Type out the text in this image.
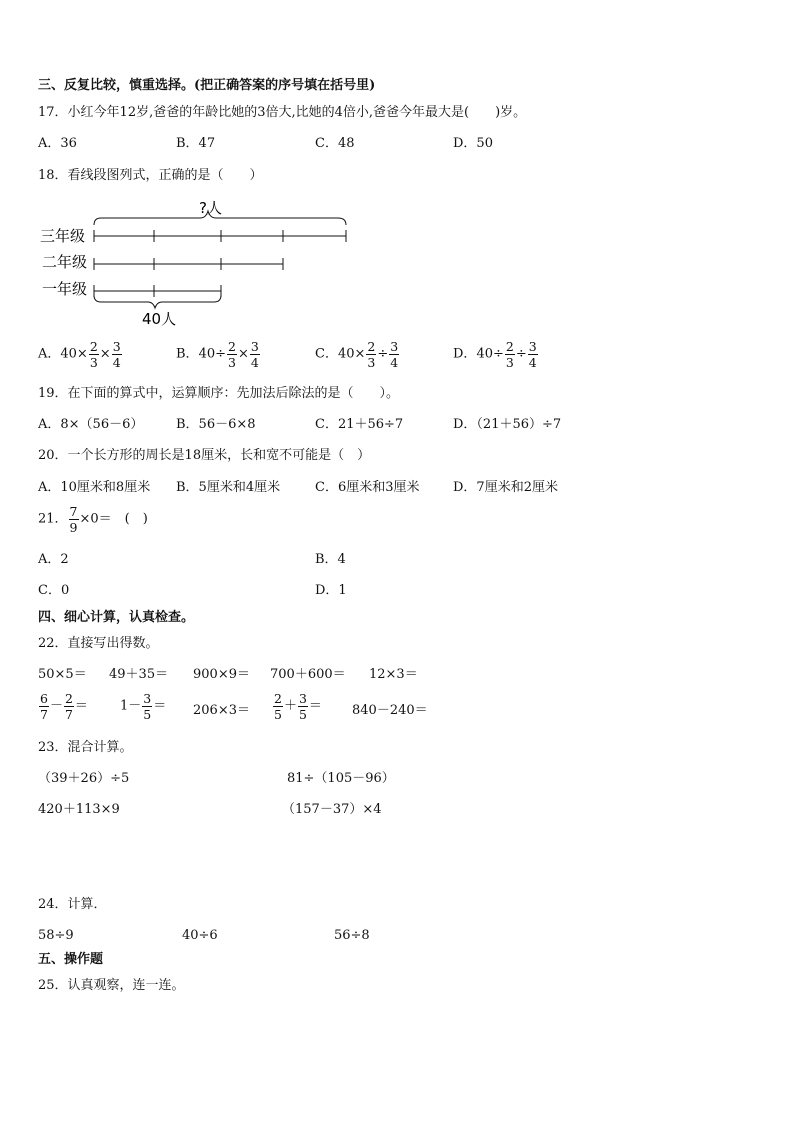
三、反复比较，慎重选择。(把正确答案的序号填在括号里)
17．小红今年12岁,爸爸的年龄比她的3倍大,比她的4倍小,爸爸今年最大是(　　)岁。
A．36	B．47	C．48	D．50
18．看线段图列式，正确的是（　　）
?人
三年级
二年级
一年级
40人
A．$40\times \frac{2}{3} \times \frac{3}{4}$	B．$40\div \frac{2}{3} \times \frac{3}{4}$	C．$40\times \frac{2}{3} \div \frac{3}{4}$	D．$40\div \frac{2}{3} \div \frac{3}{4}$
19．在下面的算式中，运算顺序：先加法后除法的是（　　）。
A．8×（56－6）	B．56－6×8	C．21＋56÷7	D．（21＋56）÷7
20．一个长方形的周长是18厘米，长和宽不可能是（　）
A．10厘米和8厘米 B．5厘米和4厘米	C．6厘米和3厘米	D．7厘米和2厘米
21． $\frac{7}{9} \times 0=$　(　)
A．2	B．4
C．0	D．1
四、细心计算，认真检查。
22．直接写出得数。
50×5＝ 49＋35＝ 900×9＝ 700＋600＝ 12×3＝
$\frac{6}{7} - \frac{2}{7} = 1- \frac{3}{5} = 206\times 3= \frac{2}{5} + \frac{3}{5} = 840-240=$
23．混合计算。
（39＋26）÷5	81÷（105－96）
420＋113×9	（157－37）×4
24．计算．
58÷9	40÷6	56÷8
五、操作题
25．认真观察，连一连。
